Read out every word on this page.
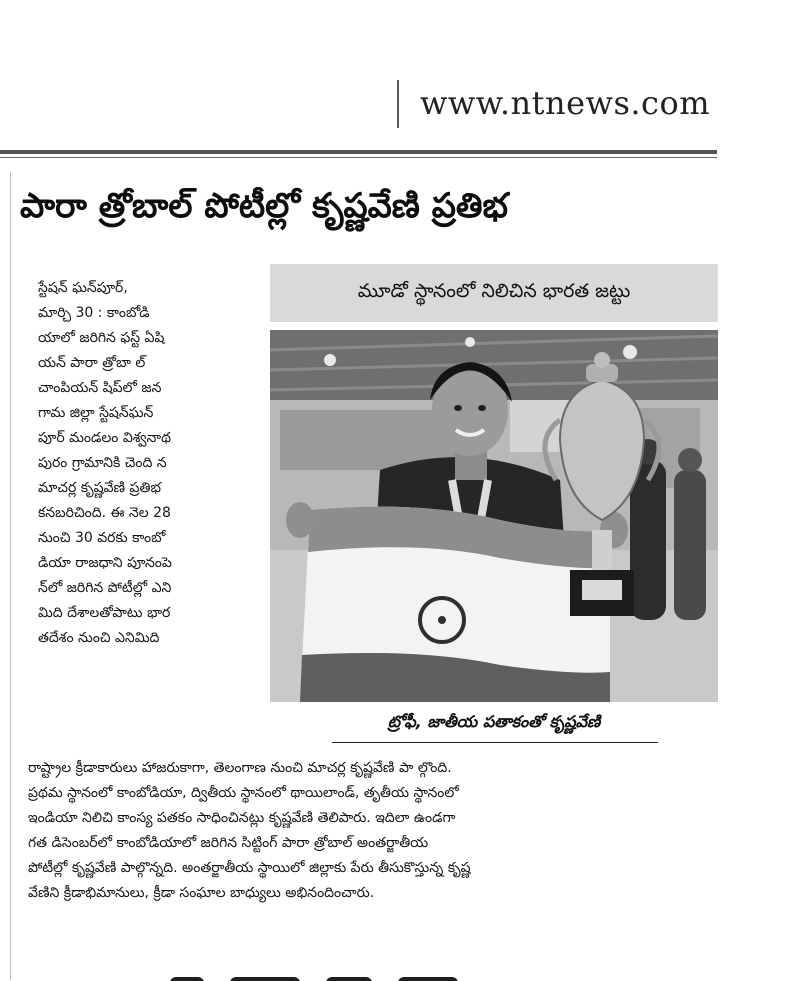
www.ntnews.com
పారా త్రోబాల్ పోటీల్లో కృష్ణవేణి ప్రతిభ
మూడో స్థానంలో నిలిచిన భారత జట్టు

స్టేషన్ ఘన్‌పూర్,

మార్చి 30 : కాంబోడి

యాలో జరిగిన ఫస్ట్ ఏషి

యన్ పారా త్రోబా ల్

చాంపియన్ షిప్‌లో జన

గామ జిల్లా స్టేషన్‌ఘన్

పూర్ మండలం విశ్వనాథ

పురం గ్రామానికి చెంది న

మాచర్ల కృష్ణవేణి ప్రతిభ

కనబరిచింది. ఈ నెల 28

నుంచి 30 వరకు కాంబో

డియా రాజధాని పూనంపె

న్‌లో జరిగిన పోటీల్లో ఎని

మిది దేశాలతోపాటు భార

తదేశం నుంచి ఎనిమిది

ట్రోఫీ, జాతీయ పతాకంతో కృష్ణవేణి

రాష్ట్రాల క్రీడాకారులు హాజరుకాగా, తెలంగాణ నుంచి మాచర్ల కృష్ణవేణి పా ల్గొంది.

ప్రథమ స్థానంలో కాంబోడియా, ద్వితీయ స్థానంలో థాయిలాండ్, తృతీయ స్థానంలో

ఇండియా నిలిచి కాంస్య పతకం సాధించినట్లు కృష్ణవేణి తెలిపారు. ఇదిలా ఉండగా

గత డిసెంబర్‌లో కాంబోడియాలో జరిగిన సిట్టింగ్ పారా త్రోబాల్ అంతర్జాతీయ

పోటీల్లో కృష్ణవేణి పాల్గొన్నది. అంతర్జాతీయ స్థాయిలో జిల్లాకు పేరు తీసుకొస్తున్న కృష్ణ

వేణిని క్రీడాభిమానులు, క్రీడా సంఘాల బాధ్యులు అభినందించారు.
